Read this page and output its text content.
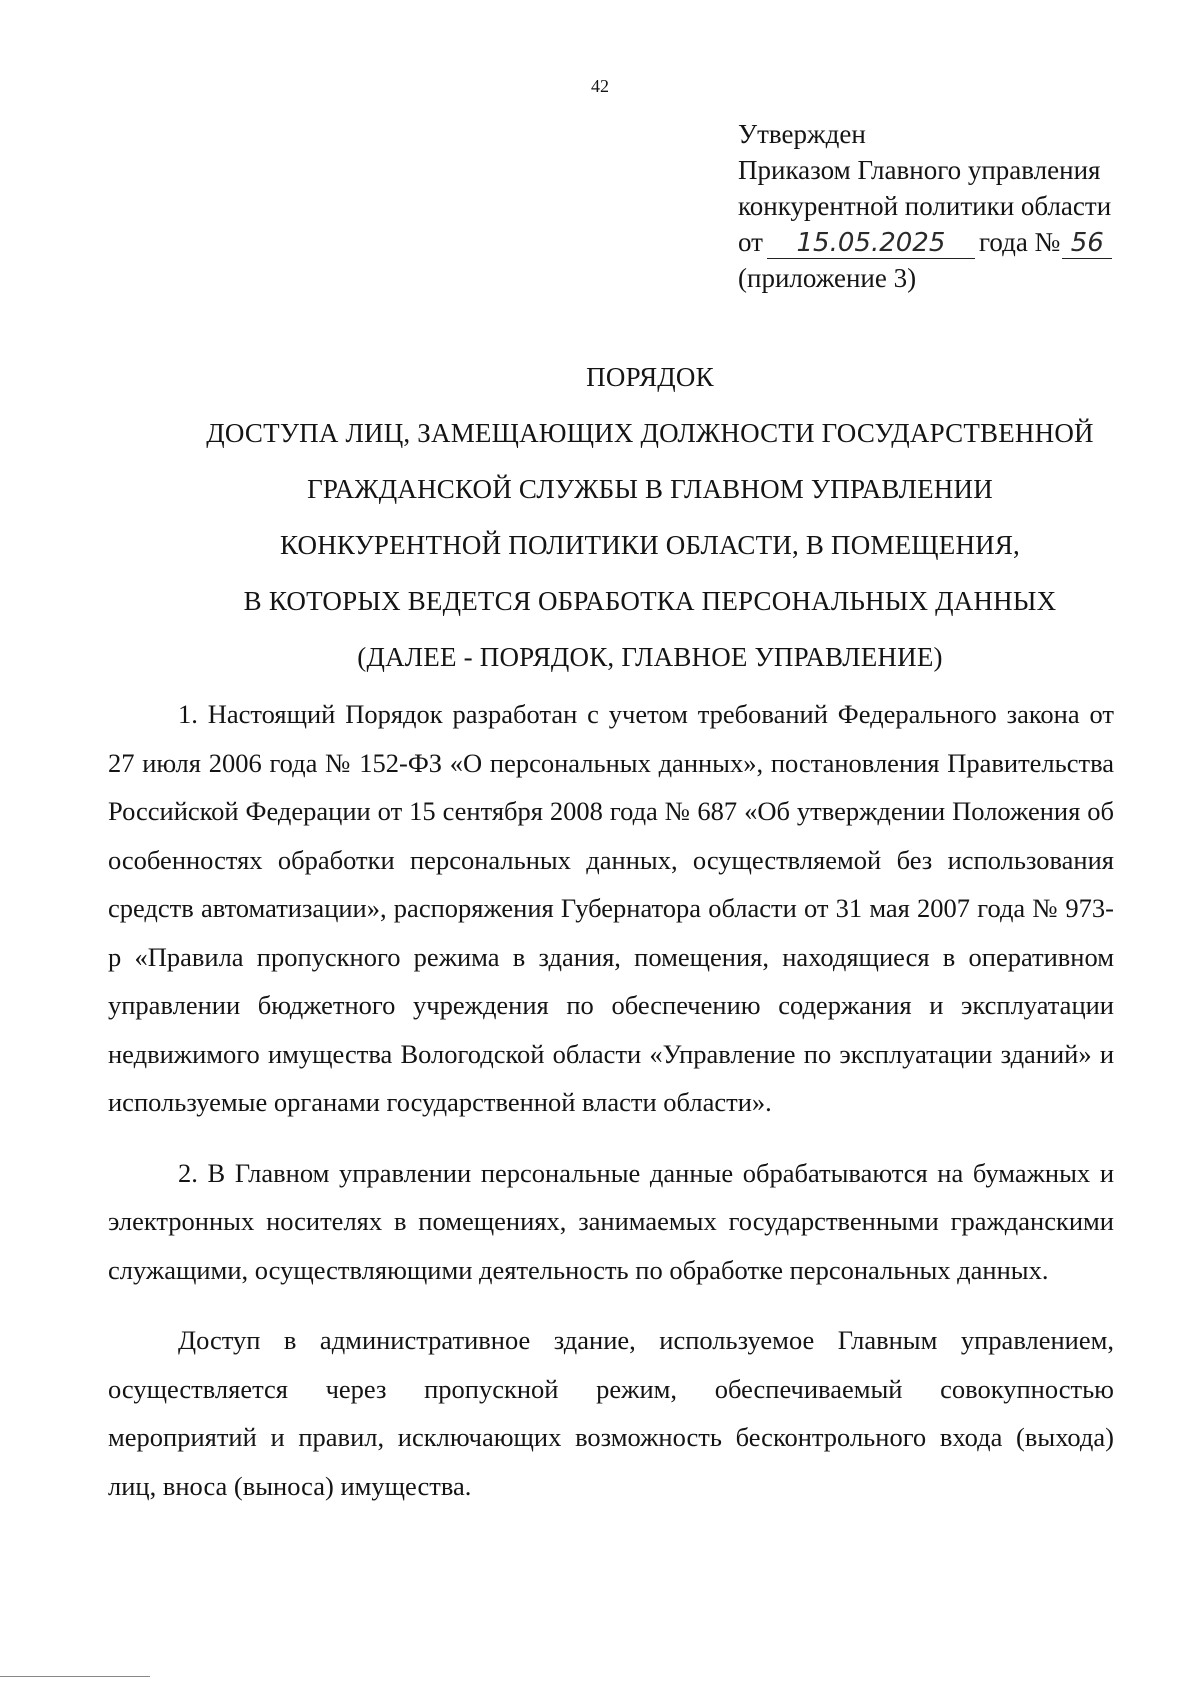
42
Утвержден
Приказом Главного управления
конкурентной политики области
от 15.05.2025 года № 56
(приложение 3)
ПОРЯДОК
ДОСТУПА ЛИЦ, ЗАМЕЩАЮЩИХ ДОЛЖНОСТИ ГОСУДАРСТВЕННОЙ
ГРАЖДАНСКОЙ СЛУЖБЫ В ГЛАВНОМ УПРАВЛЕНИИ
КОНКУРЕНТНОЙ ПОЛИТИКИ ОБЛАСТИ, В ПОМЕЩЕНИЯ,
В КОТОРЫХ ВЕДЕТСЯ ОБРАБОТКА ПЕРСОНАЛЬНЫХ ДАННЫХ
(ДАЛЕЕ - ПОРЯДОК, ГЛАВНОЕ УПРАВЛЕНИЕ)

1. Настоящий Порядок разработан с учетом требований Федерального закона от 27 июля 2006 года № 152-ФЗ «О персональных данных», постановления Правительства Российской Федерации от 15 сентября 2008 года № 687 «Об утверждении Положения об особенностях обработки персональных данных, осуществляемой без использования средств автоматизации», распоряжения Губернатора области от 31 мая 2007 года № 973-р «Правила пропускного режима в здания, помещения, находящиеся в оперативном управлении бюджетного учреждения по обеспечению содержания и эксплуатации недвижимого имущества Вологодской области «Управление по эксплуатации зданий» и используемые органами государственной власти области».

2. В Главном управлении персональные данные обрабатываются на бумажных и электронных носителях в помещениях, занимаемых государственными гражданскими служащими, осуществляющими деятельность по обработке персональных данных.

Доступ в административное здание, используемое Главным управлением, осуществляется через пропускной режим, обеспечиваемый совокупностью мероприятий и правил, исключающих возможность бесконтрольного входа (выхода) лиц, вноса (выноса) имущества.
